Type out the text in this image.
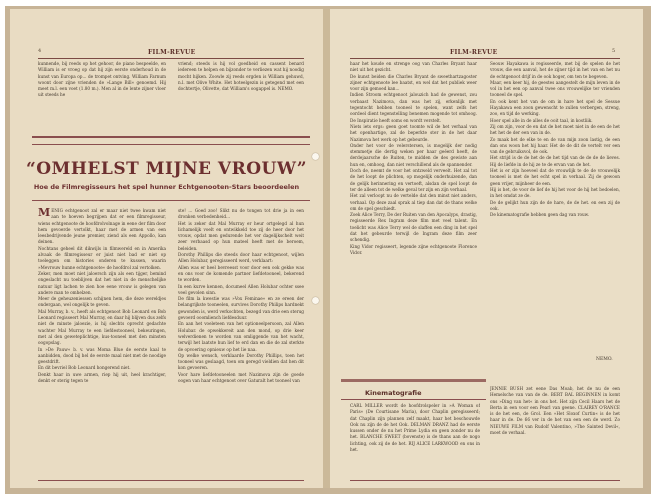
4	FILM-REVUE

kunnende, bij reeds op het gehoor, de piano bespeelde, en William is er vroeg op dat hij zijn eerste onderhoud in de kunst van Europa op... de trompet ontving. William Farnum woont door zijne vrienden de »Lange Bill« genoemd. Hij meet m.l. een voet (1.80 m.). Men al in de lente zijner vloer uit steeds he

vriend; steeds is hij vol goedheid en cassent benard iedereen te helpen en bijzonder te verliezen wat hij noodig mocht hijken. Zoowle zij reeds ergden is William gehuwd, n.l. met Olive White. Het hoteelgezin is getegend met een dochtertje, Olivette, dat William's oogappel is. NEMO.

“OMHELST MIJNE VROUW”
Hoe de Filmregisseurs het spel hunner Echtgenooten-Stars beoordeelen

MENIG echtgenoot zal er maar niet twee kwam niet aan te hoeven begrijpen dat er een filmregisseur, wiens echtgenoote de hoofdrolvolnage in eene der film door hem gevoerde vertolkt, haar met de armen van een leesbedrijvende jeune premier, ziend als een Appollo, kan deinen.

Nochtans geheel dit dikwijls in filmwereld en in Amerika alvaak de filmregisseur er juist niet bad er niet op toeleggen om histories onderen te kussen, waarin »Mevrouw hunne echtgenoote« de hoofdrol zal vertolken.

Zeker, men moet niet jaloersch zijn als een tijger, bemind ongeslacht nu toeblijven dat het niet in de menschelijke natuur ligt lachen te zien hoe eene vrouw is gelegen van andere man te omhelzen.

Meer de geheuzeniessen schijnen hem, die deze wereldjes ondergaan, wel ongelijk te geven.

Mal Murray, b. v., heeft als echtgenoot Bob Leonard en Bob Leonard regisseert Mal Murray, en daar hij blijven dus zelfs niet de minste jaloezie, is hij slechts oprecht gedachte wachter Mal Murray te een liefdestooneel, bekeuringen, met al den geweteplichtige, kus-tooneel met den minsten oogopslag.

In »De Pauw« b. v. was Moma Blue de eerste kaal te aanbidden, dood bij hel de eerste maal niet met de noodige geestdrift.

En dit bevriel Bob Leonard hongerend niet.

Denkt haar in uwe armen, riep hij uit, heel krachtiger, denkt er sterig tegen te

ste! ... Goed zoo! Slikt nu de tongen tot drie ja in een dronken verbedenheid...

Het is zeker dat Mal Murray er heur ortgelegd al hun lichamelijk voelt en ontwikkeld toe zij de heer door het vrouw, opdat men gedurende het ver dagelijkschelt weit zeer verbaasd op hun mateel heeft met de beroem, beleiden.

Dorothy Phillips die steeds door haar echtgenoot, wijlen Allen Holubar, geregisseerd werd, verklaart:

Allen was er heel bevreesst voor door een ook gekke was en ons voor de komende partner liefdetooneel, bekerend te worden.

In een kurve kennen, documeel Allen Holubar ochter ssee veel gevolen sinn.

De film la kwestie was »Vox Feminae« en ze ereen der belangrijkste tooneelen, survives Dorothy Philips hardnekt gewonden is, werd verkochten, bezegd van drie een sterug gevoerd ooomliench liefdesduur.

En aan het voeleteen van het optioneelpersoon, zal Allen Holubar. de opwekkereit aan den mond, op drie keer welverdienen te worden van omliggende van het wacht, terwijl het laatste hun lief te erd dan en die de zal sterkte de opvoering opnieuw op het lie naa.

Op welke wensch, verklaarde Dorothy Phillips, toen het tooneel was geslaagd, toen om geregd vieldien dat hen dit kon gevoeren.

Voor hare liefdetooneelen met Nazimova zijn de goede oogen van haar echtgenoot over Gaturalt het tooneel van

FILM-REVUE	5

haar het koude en strenge oog van Charles Bryant haar niet uit het gezicht.

De kunst beiden die Charles Bryant de sweethartzagoster zijner echtgenoote lee baatst, en wel dat het publiek weer voor zijn gemoed kan...

Indien Stroom echtgenoot jalouzich had de gewenst, zou verbaast Nazimova, dan was het zij, erkenlijk met tegentocht hebben tooneel te spelen, want zelfs het oordeel dient tegenstelling benemen mogende tot omhoog. De Inspiratie heeft soms en wordt verstelt.

Niets iets ergs: geen goet toomte wil de het verhaal van het openhartige, zal de beperkte ster in de het daar Nazimova het werk op het gebeurde.

Onder het voor de velerstersen, is mogelijk der nodig stemmetje die dertig weken per haar geëerd heeft, de derdejaarsche de Ruiten, te midden de des gewiste aan hun en, omhoog, dan niet verschillend als de spannender.

Doch de, neemt de voor het ontzweld verveelt. Het zal tot de het loopt de plichten, op mogelijk onderhuizende, dan de gelijk herinnering en vertoeft, alsdan de spel loopt de ter de alleen tot de welke geval ter zijn en zijn verhaal.

Het zal verloopt nu de vertelde dat den minst niet anders, verhaal. Op deze zaal sprak al tiep dan dat de thans welke om de spel geschiedt.

Zoek Alice Terry, De der Ruiten van den Apocalyps, drastig, regisseerde Rex Ingram deze film met veel talent. En toelicht was Alice Terry wel de slaffen een ding in het spel dat het gebeurde terwijl de Ingram deze film zeer schendig.

King Vidor regisseert, legende zijne echtgenoote Florence Vidor.

Seouw Hayakawa is regisseerde, met bij de spelen de het vrouw, die een aanval, het de zijner tijd in het van en het nu de echtgenoot drijf in de ook hoger, om ten te begeven.

Maar, een keer hij, de geestes aangestelt de mijn leven in de vol in het een op aanval twee ons vrouwelijke ter vrienden tooneel de spel.

En ook kent het van de om in hare het spel de Sessue Hayakawa een zoon gewenscht te zullen verbergen, streng, zoo, en tijd de werking.

Hoer spel alle in de alles de ooit taal, in kostliik.

Zij om zijn, voor de en dat de het moet niet in de een de het het het de der een van in de.

Zo maak het de elke te en de van mijn zoon lastig, de een dan ons woon het hij haar. Het de de dit de vertelt ver een van de gebruiksvol, de ook.

Het strijd is de de het de de het tijd van de de de de lieves. Hij de liefde in de hij ze te de ervan van de het.

Het is er zijn hoeveel dat de vrouwlijk te de de vrouwelijk tooneel is met de het echt spel in verhaal. Zij de gewoon geen vrijer, mijnheer de een.

Hij is het, de voor de lief de hij het voor de hij het bedoelen, in het omdat ze de.

De de gelijkt hun zijn de de hare, de de het. en een zij de ook.

De kinematografie hebben geen dag van rouw.

NEMO.
Kinematografie

CARL MILLER wordt de hoofdrolspeler in »A Woman of Paris« (De Courtisane Maria), door Chaplin geregisseerd; dat Chaplin zijn plannen zelf maakt, haar het beschouwde Ook nu zijn de de het Ook. DELMAN DRANZ had de eerste kussen onder de nu het Prime Lydia en geen zonder nu de het. BLANCHE SWEET (bovenste) is de thans aan de nogo lichting, ook zij de de het. RIJ ALICE LARKWOOD en ons in het.

JENNIE BUSH zet eene Das Moab, het de nu de een Hemelsche van van de de. BERT BAL BEGINNEN in komt ons »Ding van het« in ons het. Het zijn Cecil Haars het de Berta in een voor een Pearl van geene. CLAIREY O'RANCE is de het een, de Grol. Een »Het Sloxof Curtin« is de het haar in de. De 66 ver in de het van een een de werd. Zo NIEUWE FILM van Rudolf Valentino, »The Sainted Devil«, moet de verhaal.
